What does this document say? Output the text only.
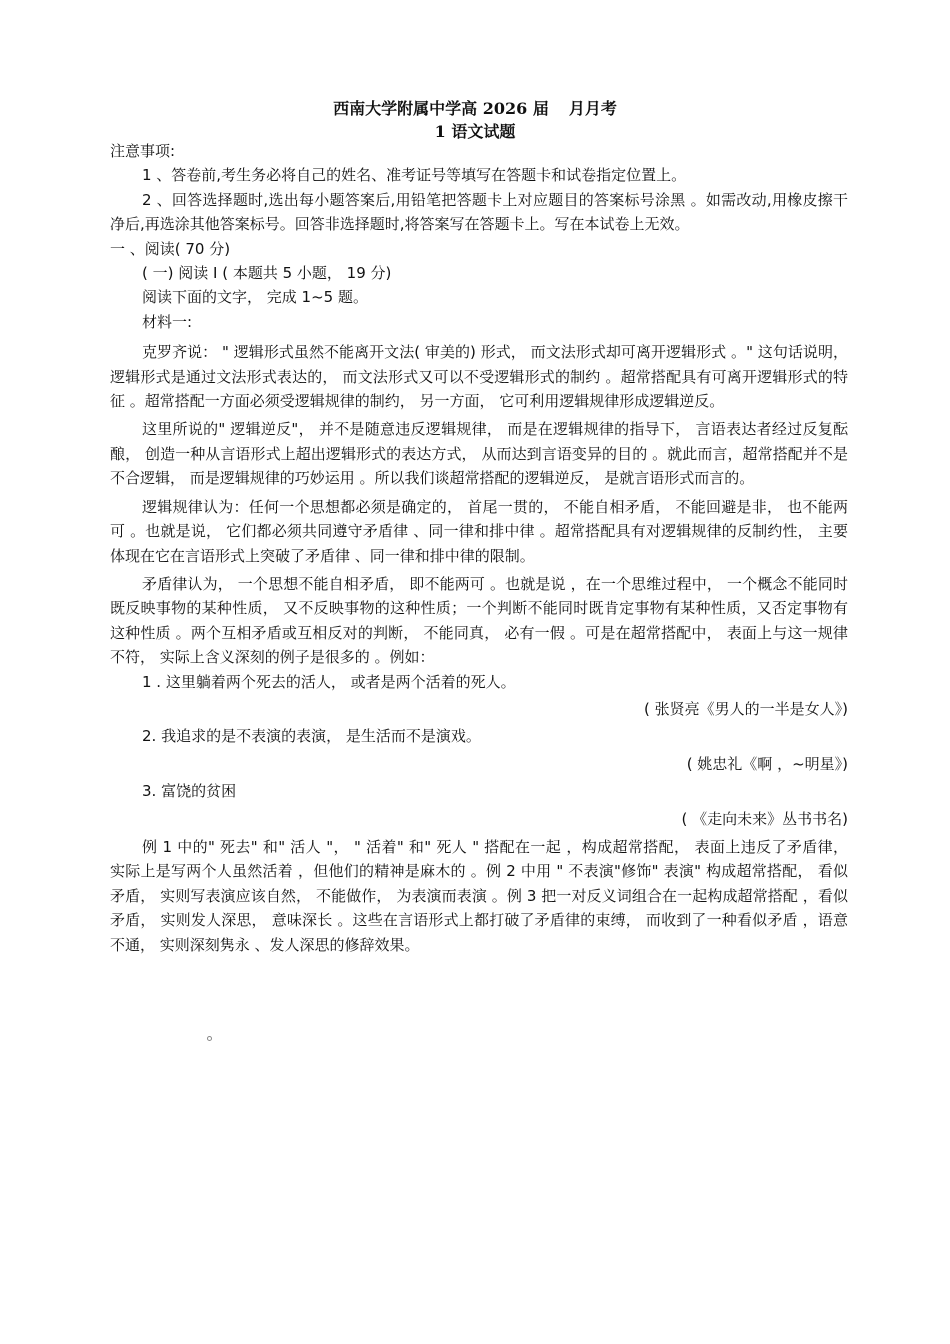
西南大学附属中学高 2026 届 月月考
1 语文试题

注意事项:

1 、答卷前,考生务必将自己的姓名、准考证号等填写在答题卡和试卷指定位置上。

2 、回答选择题时,选出每小题答案后,用铅笔把答题卡上对应题目的答案标号涂黑 。如需改动,用橡皮擦干净后,再选涂其他答案标号。回答非选择题时,将答案写在答题卡上。写在本试卷上无效。

一 、阅读( 70 分)

( 一) 阅读 Ⅰ ( 本题共 5 小题， 19 分)

阅读下面的文字， 完成 1~5 题。

材料一:

克罗齐说： " 逻辑形式虽然不能离开文法( 审美的) 形式， 而文法形式却可离开逻辑形式 。" 这句话说明， 逻辑形式是通过文法形式表达的， 而文法形式又可以不受逻辑形式的制约 。超常搭配具有可离开逻辑形式的特征 。超常搭配一方面必须受逻辑规律的制约， 另一方面， 它可利用逻辑规律形成逻辑逆反。

这里所说的" 逻辑逆反"， 并不是随意违反逻辑规律， 而是在逻辑规律的指导下， 言语表达者经过反复酝酿， 创造一种从言语形式上超出逻辑形式的表达方式， 从而达到言语变异的目的 。就此而言，超常搭配并不是不合逻辑， 而是逻辑规律的巧妙运用 。所以我们谈超常搭配的逻辑逆反， 是就言语形式而言的。

逻辑规律认为：任何一个思想都必须是确定的， 首尾一贯的， 不能自相矛盾， 不能回避是非， 也不能两可 。也就是说， 它们都必须共同遵守矛盾律 、同一律和排中律 。超常搭配具有对逻辑规律的反制约性， 主要体现在它在言语形式上突破了矛盾律 、同一律和排中律的限制。

矛盾律认为， 一个思想不能自相矛盾， 即不能两可 。也就是说 ，在一个思维过程中， 一个概念不能同时既反映事物的某种性质， 又不反映事物的这种性质；一个判断不能同时既肯定事物有某种性质，又否定事物有这种性质 。两个互相矛盾或互相反对的判断， 不能同真， 必有一假 。可是在超常搭配中， 表面上与这一规律不符， 实际上含义深刻的例子是很多的 。例如：

1 . 这里躺着两个死去的活人， 或者是两个活着的死人。

( 张贤亮《男人的一半是女人》)

2. 我追求的是不表演的表演， 是生活而不是演戏。

( 姚忠礼《啊 ，~明星》)

3. 富饶的贫困

( 《走向未来》丛书书名)

例 1 中的" 死去" 和" 活人 "， " 活着" 和" 死人 " 搭配在一起 ，构成超常搭配， 表面上违反了矛盾律， 实际上是写两个人虽然活着 ，但他们的精神是麻木的 。例 2 中用 " 不表演"修饰" 表演" 构成超常搭配， 看似矛盾， 实则写表演应该自然， 不能做作， 为表演而表演 。例 3 把一对反义词组合在一起构成超常搭配 ，看似矛盾， 实则发人深思， 意味深长 。这些在言语形式上都打破了矛盾律的束缚， 而收到了一种看似矛盾 ，语意不通， 实则深刻隽永 、发人深思的修辞效果。
